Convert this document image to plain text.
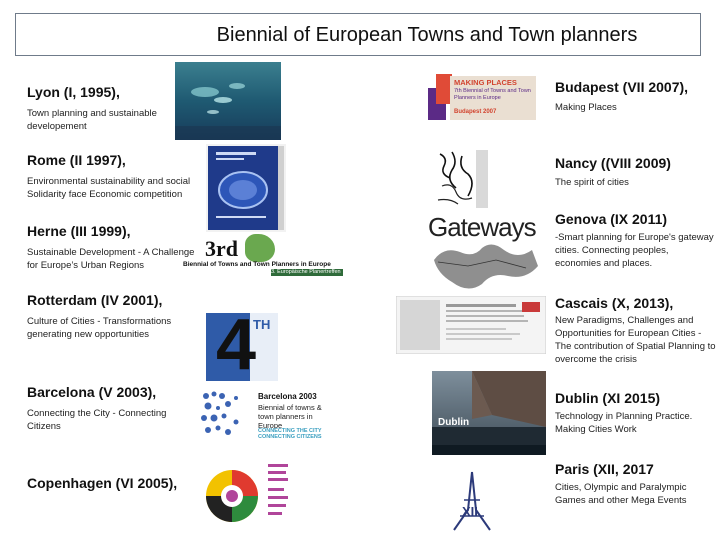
Biennial of European Towns and Town planners
Lyon (I, 1995),
Town planning and sustainable developement
Rome (II 1997),
Environmental sustainability and social Solidarity face Economic competition
Herne (III 1999),
Sustainable Development - A Challenge for Europe’s Urban Regions
Rotterdam (IV 2001),
Culture of Cities - Transformations generating new opportunities
Barcelona (V 2003),
Connecting the City - Connecting Citizens
Copenhagen (VI 2005),
Budapest (VII 2007),
Making Places
Nancy ((VIII 2009)
The spirit of cities
Genova (IX 2011)
-Smart planning for Europe's gateway cities. Connecting peoples, economies and places.
Cascais (X, 2013),
New Paradigms, Challenges and Opportunities for European Cities - The contribution of Spatial Planning to overcome the crisis
Dublin (XI 2015)
Technology in Planning Practice. Making Cities Work
Paris (XII, 2017
Cities, Olympic and Paralympic Games and other Mega Events
3rd
Biennial of Towns and Town Planners in Europe
3. Europäische Planertreffen
4
TH
Barcelona 2003
Biennial of towns & town planners in Europe
CONNECTING THE CITY CONNECTING CITIZENS
MAKING PLACES
7th Biennial of Towns and Town Planners in Europe
Budapest 2007
Gateways
Dublin
XII
